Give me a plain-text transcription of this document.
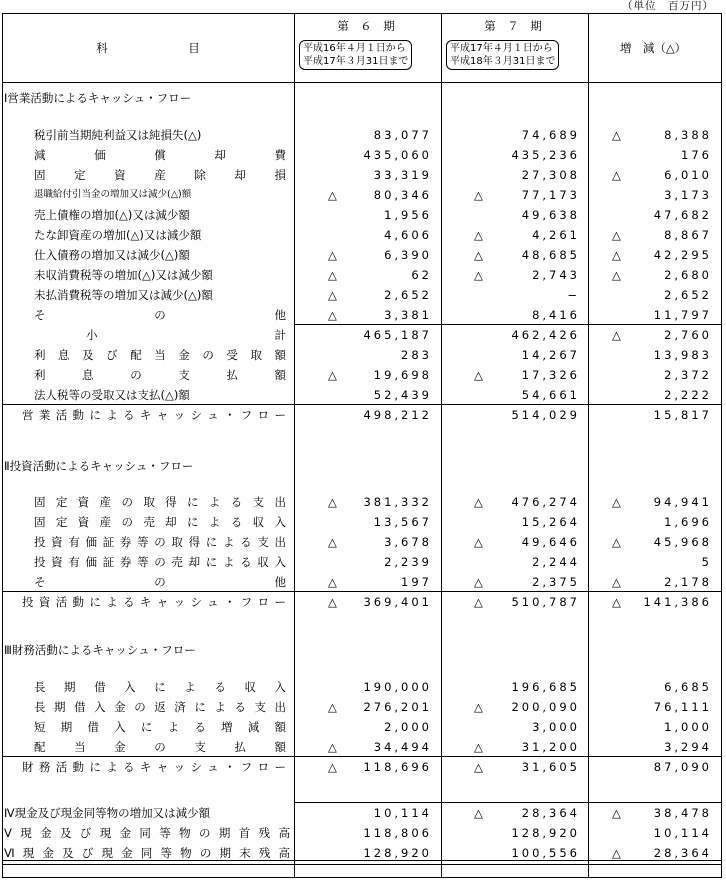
（単位　百万円）
科　　　　　　　目
第　６　期
平成16年４月１日から
平成17年３月31日まで
第　７　期
平成17年４月１日から
平成18年３月31日まで
増　減（△）
Ⅰ営業活動によるキャッシュ・フロー
税引前当期純利益又は純損失(△)	83,077	74,689	△	8,388
減価償却費	435,060	435,236	176
固定資産除却損	33,319	27,308	△	6,010
退職給付引当金の増加又は減少(△)額	△	80,346	△	77,173	3,173
売上債権の増加(△)又は減少額	1,956	49,638	47,682
たな卸資産の増加(△)又は減少額	4,606	△	4,261	△	8,867
仕入債務の増加又は減少(△)額	△	6,390	△	48,685	△	42,295
未収消費税等の増加(△)又は減少額	△	62	△	2,743	△	2,680
未払消費税等の増加又は減少(△)額	△	2,652	−	2,652
その他	△	3,381	8,416	11,797
小計	465,187	462,426	△	2,760
利息及び配当金の受取額	283	14,267	13,983
利息の支払額	△	19,698	△	17,326	2,372
法人税等の受取又は支払(△)額	52,439	54,661	2,222
営業活動によるキャッシュ・フロー	498,212	514,029	15,817
Ⅱ投資活動によるキャッシュ・フロー
固定資産の取得による支出	△	381,332	△	476,274	△	94,941
固定資産の売却による収入	13,567	15,264	1,696
投資有価証券等の取得による支出	△	3,678	△	49,646	△	45,968
投資有価証券等の売却による収入	2,239	2,244	5
その他	△	197	△	2,375	△	2,178
投資活動によるキャッシュ・フロー	△	369,401	△	510,787	△	141,386
Ⅲ財務活動によるキャッシュ・フロー
長期借入による収入	190,000	196,685	6,685
長期借入金の返済による支出	△	276,201	△	200,090	76,111
短期借入による増減額	2,000	3,000	1,000
配当金の支払額	△	34,494	△	31,200	3,294
財務活動によるキャッシュ・フロー	△	118,696	△	31,605	87,090
Ⅳ現金及び現金同等物の増加又は減少額	10,114	△	28,364	△	38,478
Ⅴ現金及び現金同等物の期首残高	118,806	128,920	10,114
Ⅵ現金及び現金同等物の期末残高	128,920	100,556	△	28,364
